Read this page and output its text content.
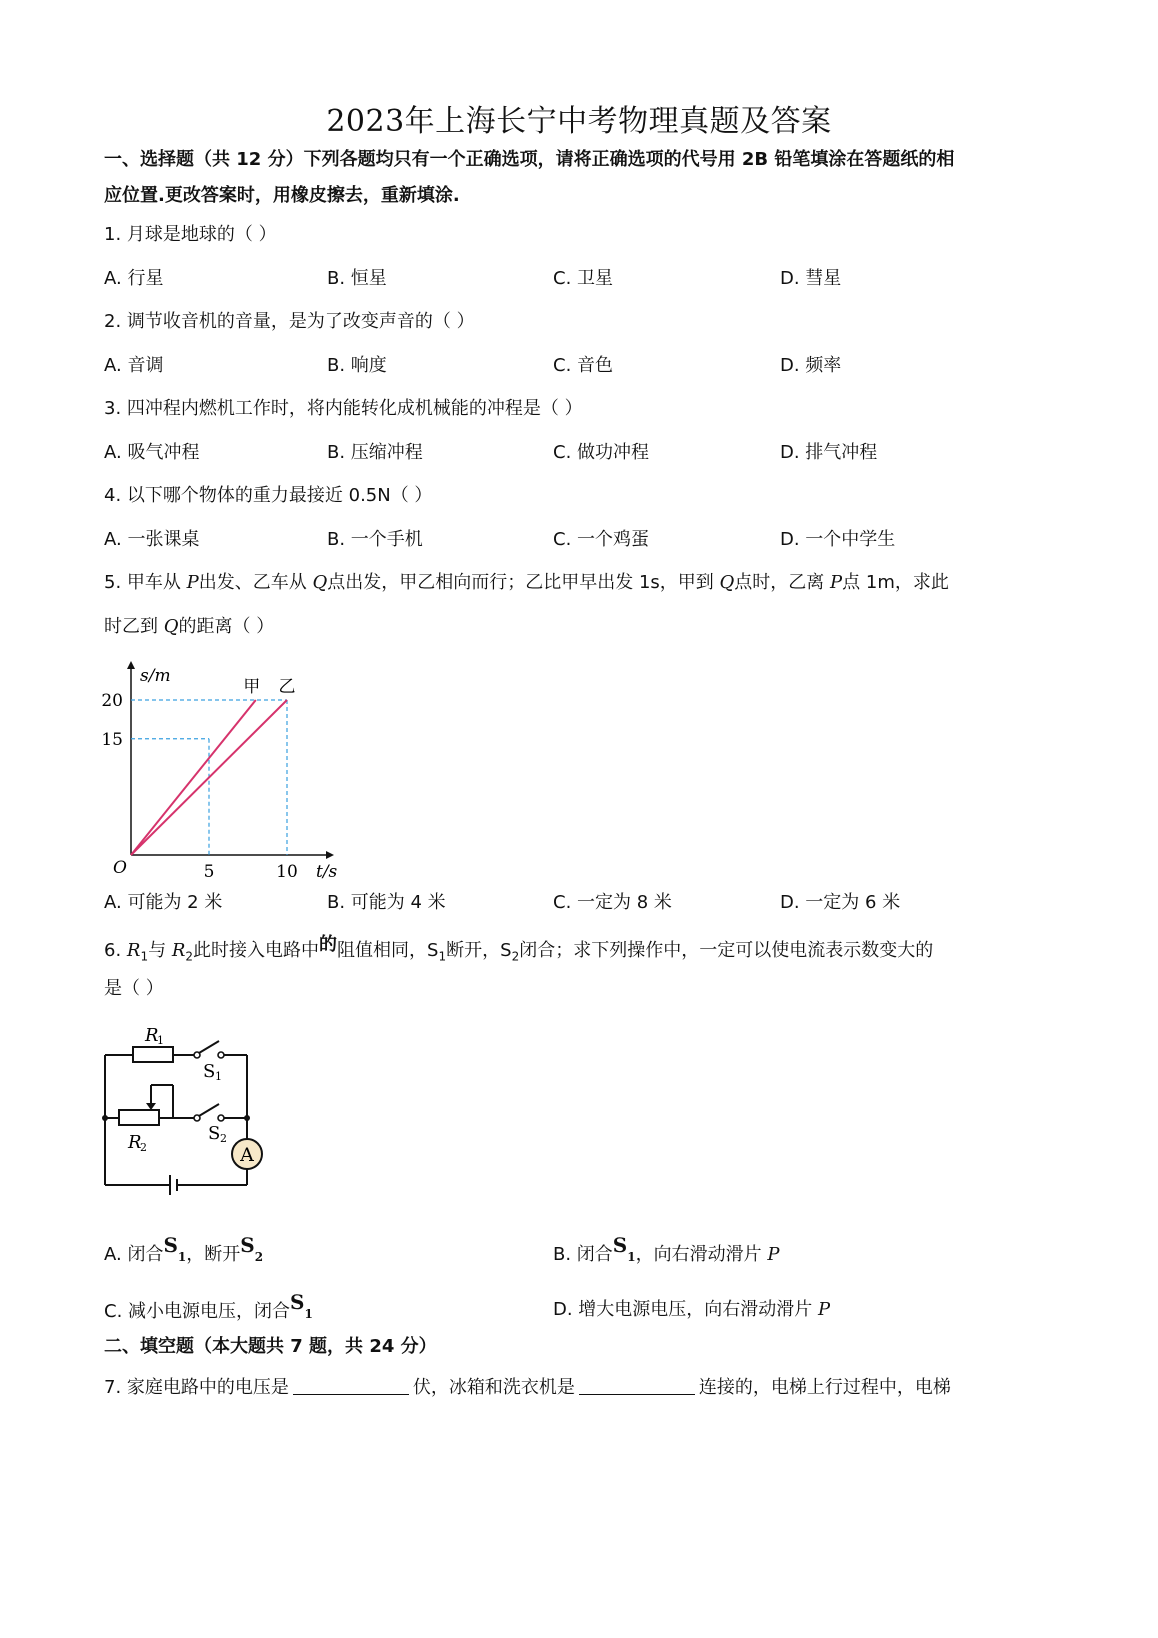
2023年上海长宁中考物理真题及答案
一、选择题（共 12 分）下列各题均只有一个正确选项，请将正确选项的代号用 2B 铅笔填涂在答题纸的相
应位置.更改答案时，用橡皮擦去，重新填涂.
1. 月球是地球的（ ）
A. 行星	B. 恒星	C. 卫星	D. 彗星
2. 调节收音机的音量，是为了改变声音的（ ）
A. 音调	B. 响度	C. 音色	D. 频率
3. 四冲程内燃机工作时，将内能转化成机械能的冲程是（ ）
A. 吸气冲程	B. 压缩冲程	C. 做功冲程	D. 排气冲程
4. 以下哪个物体的重力最接近 0.5N（ ）
A. 一张课桌	B. 一个手机	C. 一个鸡蛋	D. 一个中学生
5. 甲车从 P出发、乙车从 Q点出发，甲乙相向而行；乙比甲早出发 1s，甲到 Q点时，乙离 P点 1m，求此
时乙到 Q的距离（ ）
甲 乙
5	10
15
20
O	t/s
s/m
A. 可能为 2 米	B. 可能为 4 米	C. 一定为 8 米	D. 一定为 6 米
6. $R_1$与 $R_2$此时接入电路中的阻值相同，$S_1$断开，$S_2$闭合；求下列操作中，一定可以使电流表示数变大的
是（ ）
A
R
1
R
2
S 1
S 2
A. 闭合$S_1$，断开$S_2$	B. 闭合$S_1$，向右滑动滑片 P
C. 减小电源电压，闭合$S_1$	D. 增大电源电压，向右滑动滑片 P
二、填空题（本大题共 7 题，共 24 分）
7. 家庭电路中的电压是	伏，冰箱和洗衣机是	连接的，电梯上行过程中，电梯
